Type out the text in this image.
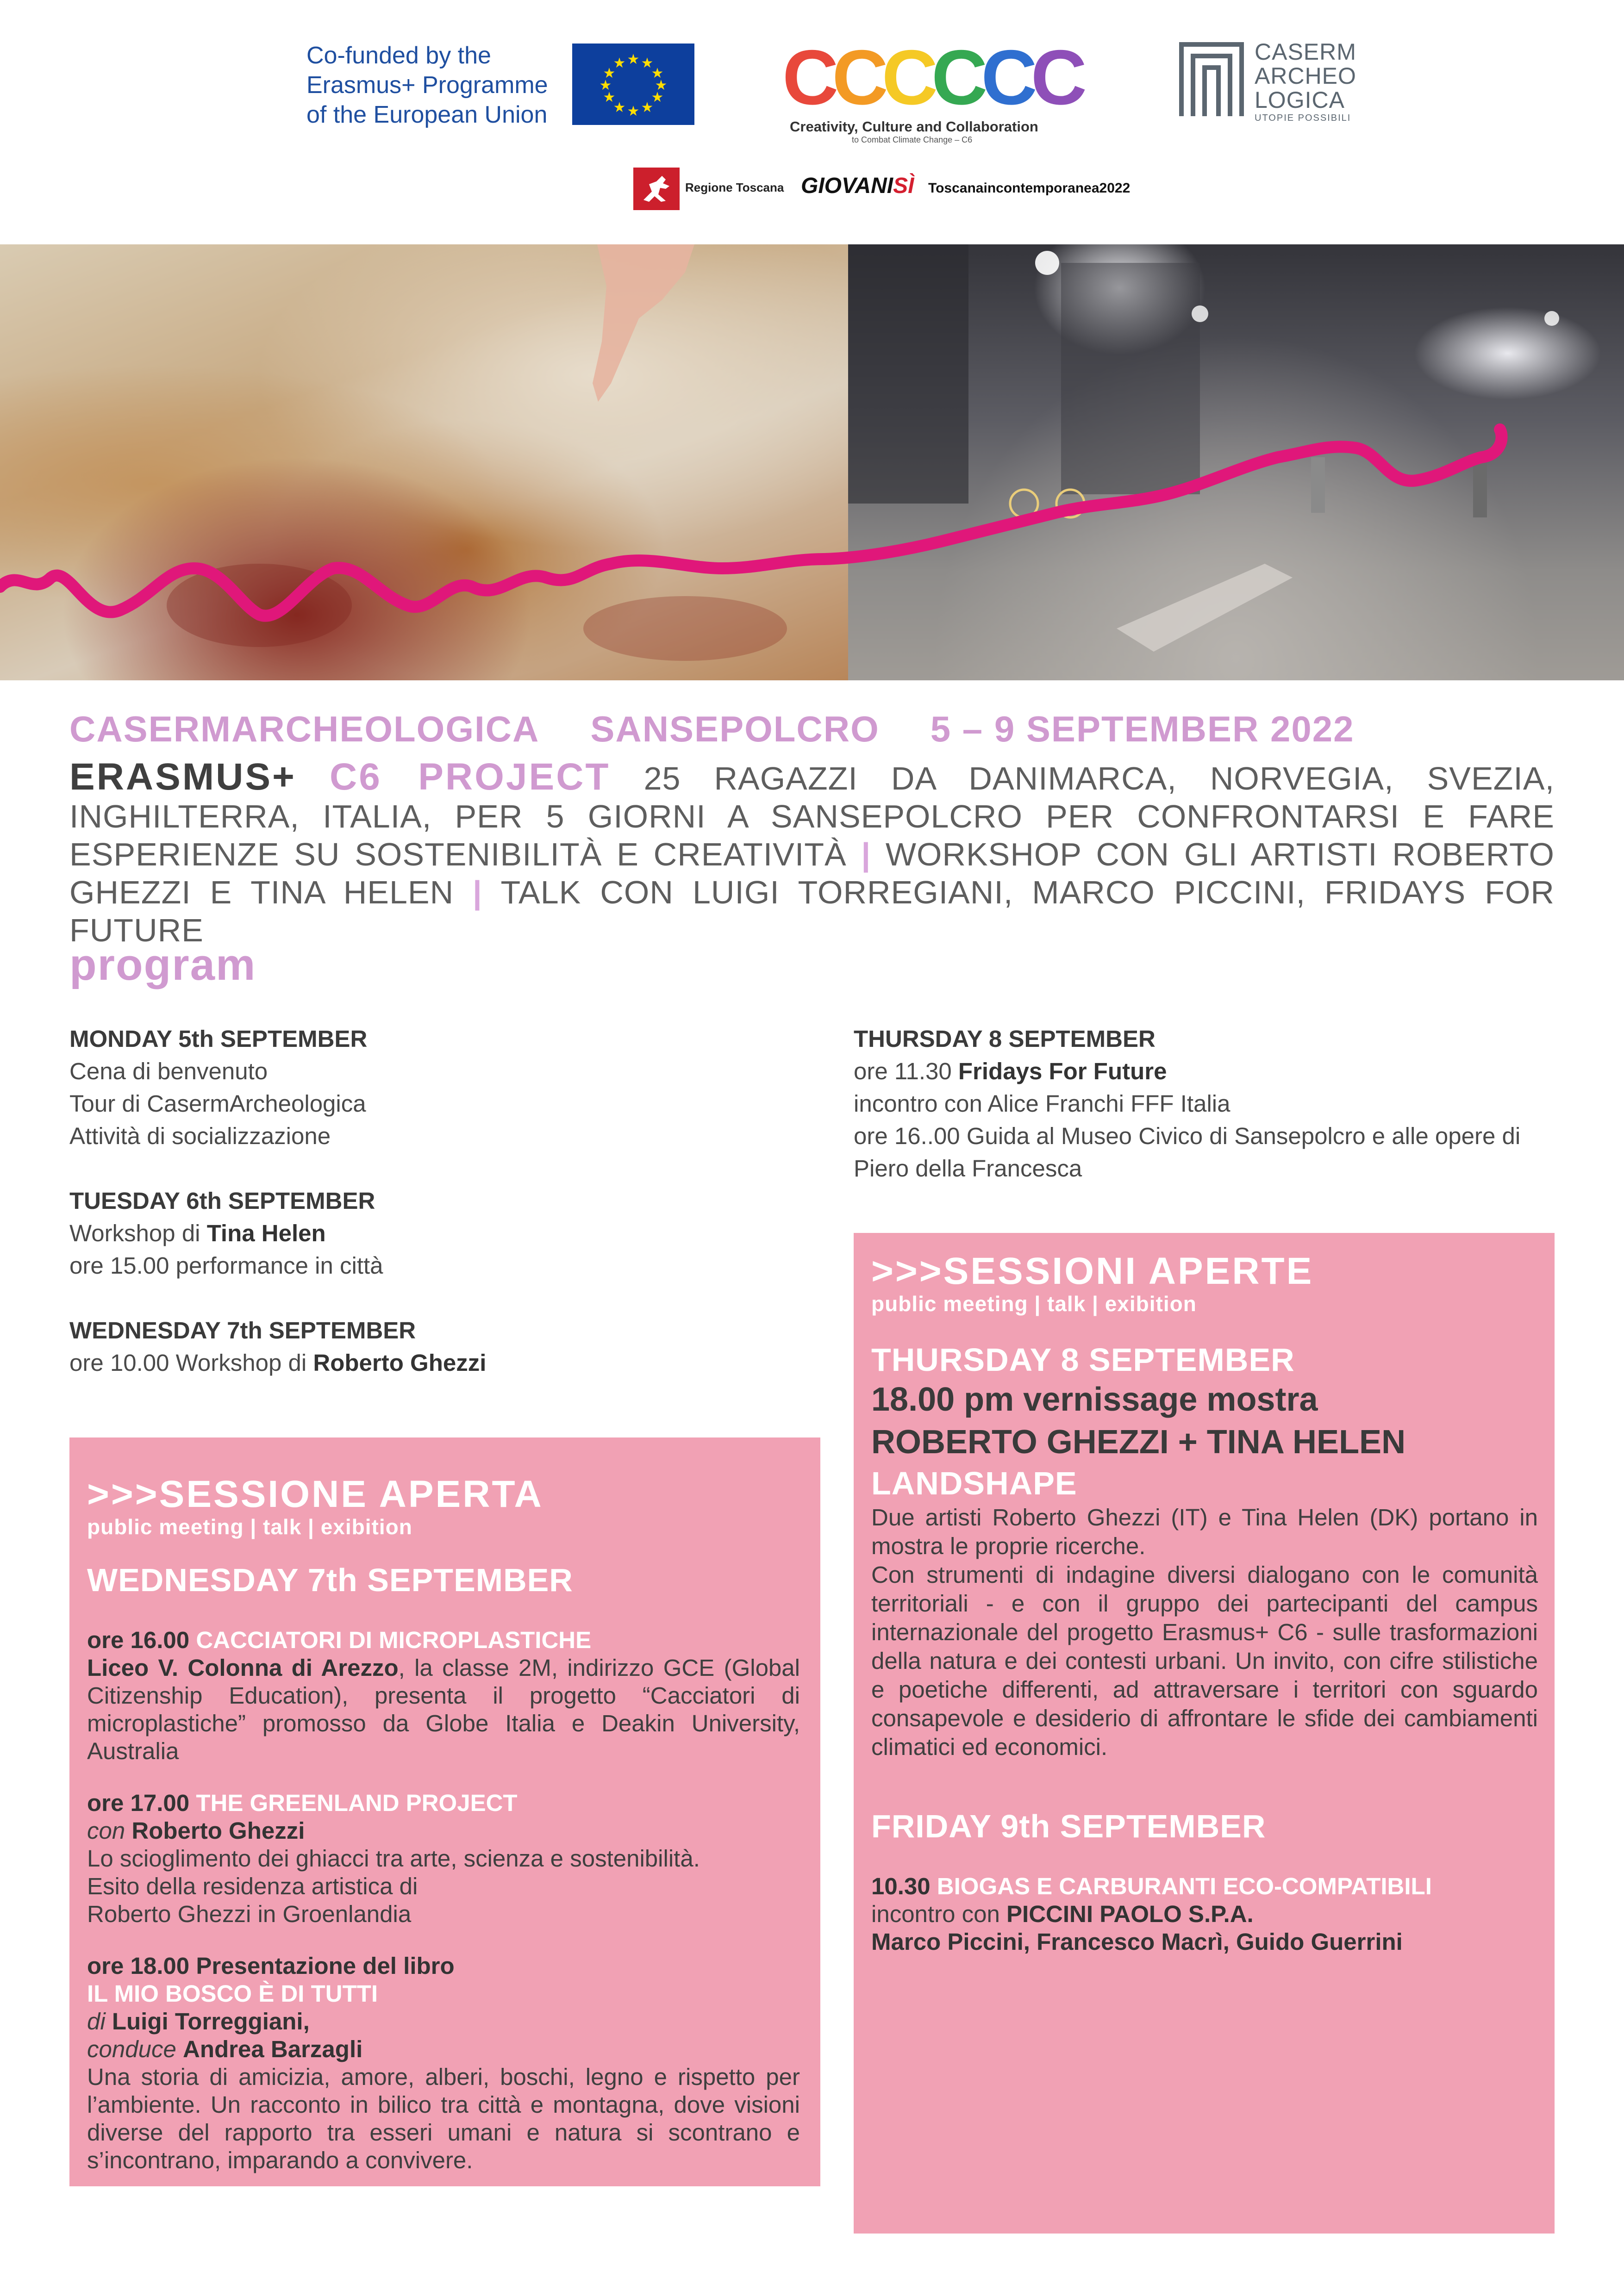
Co-funded by the
Erasmus+ Programme
of the European Union
★ ★
★
★
★
★
★
★
★
★
★
★ C C C C C C
Creativity, Culture and Collaboration
to Combat Climate Change – C6
CASERM
ARCHEO
LOGICA
UTOPIE POSSIBILI
Regione Toscana GIOVANISÌ Toscanaincontemporanea2022
CASERMARCHEOLOGICA SANSEPOLCRO 5 – 9 SEPTEMBER 2022
ERASMUS+ C6 PROJECT 25 RAGAZZI DA DANIMARCA, NORVEGIA, SVEZIA, INGHILTERRA, ITALIA, PER 5 GIORNI A SANSEPOLCRO PER CONFRONTARSI E FARE ESPERIENZE SU SOSTENIBILITÀ E CREATIVITÀ | WORKSHOP CON GLI ARTISTI ROBERTO GHEZZI E TINA HELEN | TALK CON LUIGI TORREGIANI, MARCO PICCINI, FRIDAYS FOR FUTURE
program
MONDAY 5th SEPTEMBER
Cena di benvenuto
Tour di CasermArcheologica
Attività di socializzazione
TUESDAY 6th SEPTEMBER
Workshop di Tina Helen
ore 15.00 performance in città
WEDNESDAY 7th SEPTEMBER
ore 10.00 Workshop di Roberto Ghezzi
THURSDAY 8 SEPTEMBER
ore 11.30 Fridays For Future
incontro con Alice Franchi FFF Italia
ore 16..00 Guida al Museo Civico di Sansepolcro e alle opere di Piero della Francesca
>>>SESSIONE APERTA
public meeting | talk | exibition
WEDNESDAY 7th SEPTEMBER
ore 16.00 CACCIATORI DI MICROPLASTICHE
Liceo V. Colonna di Arezzo, la classe 2M, indirizzo GCE (Global Citizenship Education), presenta il progetto “Cacciatori di microplastiche” promosso da Globe Italia e Deakin University, Australia
ore 17.00 THE GREENLAND PROJECT
con Roberto Ghezzi
Lo scioglimento dei ghiacci tra arte, scienza e sostenibilità.
Esito della residenza artistica di
Roberto Ghezzi in Groenlandia
ore 18.00 Presentazione del libro
IL MIO BOSCO È DI TUTTI
di Luigi Torreggiani,
conduce Andrea Barzagli
Una storia di amicizia, amore, alberi, boschi, legno e rispetto per l’ambiente. Un racconto in bilico tra città e montagna, dove visioni diverse del rapporto tra esseri umani e natura si scontrano e s’incontrano, imparando a convivere.
>>>SESSIONI APERTE
public meeting | talk | exibition
THURSDAY 8 SEPTEMBER
18.00 pm vernissage mostra
ROBERTO GHEZZI + TINA HELEN
LANDSHAPE
Due artisti Roberto Ghezzi (IT) e Tina Helen (DK) portano in mostra le proprie ricerche.
Con strumenti di indagine diversi dialogano con le comunità territoriali - e con il gruppo dei partecipanti del campus internazionale del progetto Erasmus+ C6 - sulle trasformazioni della natura e dei contesti urbani. Un invito, con cifre stilistiche e poetiche differenti, ad attraversare i territori con sguardo consapevole e desiderio di affrontare le sfide dei cambiamenti climatici ed economici.
FRIDAY 9th SEPTEMBER
10.30 BIOGAS E CARBURANTI ECO-COMPATIBILI
incontro con PICCINI PAOLO S.P.A.
Marco Piccini, Francesco Macrì, Guido Guerrini
